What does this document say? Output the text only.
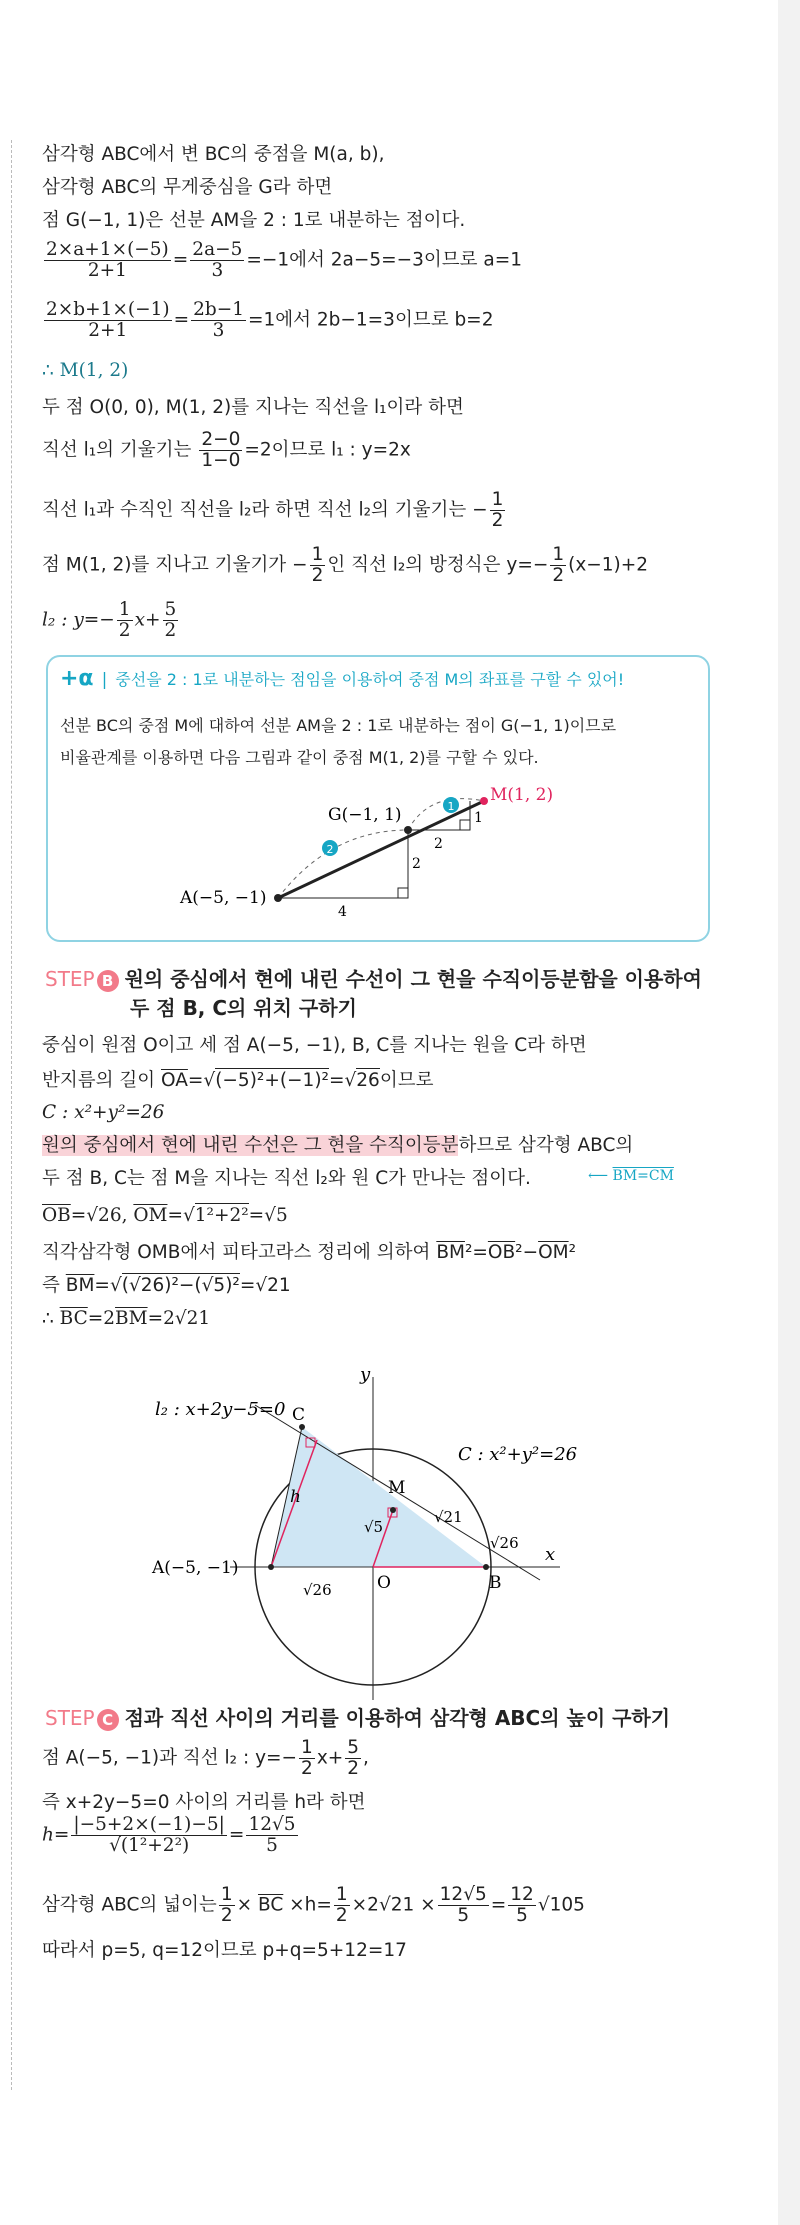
삼각형 ABC에서 변 BC의 중점을 M(a, b),
삼각형 ABC의 무게중심을 G라 하면
점 G(−1, 1)은 선분 AM을 2 : 1로 내분하는 점이다.
$\frac{2\times a+1\times(-5)}{2+1} = \frac{2a-5}{3} =-1$에서 2a−5=−3이므로 a=1
$\frac{2\times b+1\times(-1)}{2+1} = \frac{2b-1}{3} =1$에서 2b−1=3이므로 b=2
∴ M(1, 2)
두 점 O(0, 0), M(1, 2)를 지나는 직선을 l₁이라 하면
직선 l₁의 기울기는 $\frac{2-0}{1-0} =2$이므로 l₁ : y=2x
직선 l₁과 수직인 직선을 l₂라 하면 직선 l₂의 기울기는 − $\frac{1}{2}$
점 M(1, 2)를 지나고 기울기가 − $\frac{1}{2}$ 인 직선 l₂의 방정식은 $y=- \frac{1}{2} (x-1)+2$
l₂ : $y=- \frac{1}{2} x+ \frac{5}{2}$
+α | 중선을 2 : 1로 내분하는 점임을 이용하여 중점 M의 좌표를 구할 수 있어!
선분 BC의 중점 M에 대하여 선분 AM을 2 : 1로 내분하는 점이 G(−1, 1)이므로
비율관계를 이용하면 다음 그림과 같이 중점 M(1, 2)를 구할 수 있다.
1
2
M(1, 2)
G(−1, 1)
A(−5, −1)
1
2
2
4
l₂ : x+2y−5=0
C : x²+y²=26
y
x
C
M
A(−5, −1)
O	B
h
√5
√21
√26
√26
STEP B 원의 중심에서 현에 내린 수선이 그 현을 수직이등분함을 이용하여
두 점 B, C의 위치 구하기
중심이 원점 O이고 세 점 A(−5, −1), B, C를 지나는 원을 C라 하면
반지름의 길이 $\overline{OA}=√(-5)^2+(-1)^2=√26$이므로
C : x²+y²=26
원의 중심에서 현에 내린 수선은 그 현을 수직이등분하므로 삼각형 ABC의
두 점 B, C는 점 M을 지나는 직선 l₂와 원 C가 만나는 점이다.
$\overline{OB}=√26$, $\overline{OM}=√1^2+2^2=√5$
직각삼각형 OMB에서 피타고라스 정리에 의하여 $\overline{BM}^2=\overline{OB}^2-\overline{OM}^2$
즉 $\overline{BM}=√(√26)^2-(√5)^2=√21$
∴ $\overline{BC}=2\overline{BM}=2√21$
⟵ BM=CM
STEP C 점과 직선 사이의 거리를 이용하여 삼각형 ABC의 높이 구하기
점 A(−5, −1)과 직선 l₂ : $y=- \frac{1}{2} x+ \frac{5}{2}$ ,
즉 x+2y−5=0 사이의 거리를 h라 하면
$h= \frac{|-5+2\times(-1)-5|}{\text{√(1²+2²)}} = \frac{12√5}{5}$
삼각형 ABC의 넓이는 $\frac{1}{2} \times \overline{BC} \times h= \frac{1}{2} \times 2√21 \times \frac{12√5}{5} = \frac{12}{5} √105$
따라서 p=5, q=12이므로 p+q=5+12=17
